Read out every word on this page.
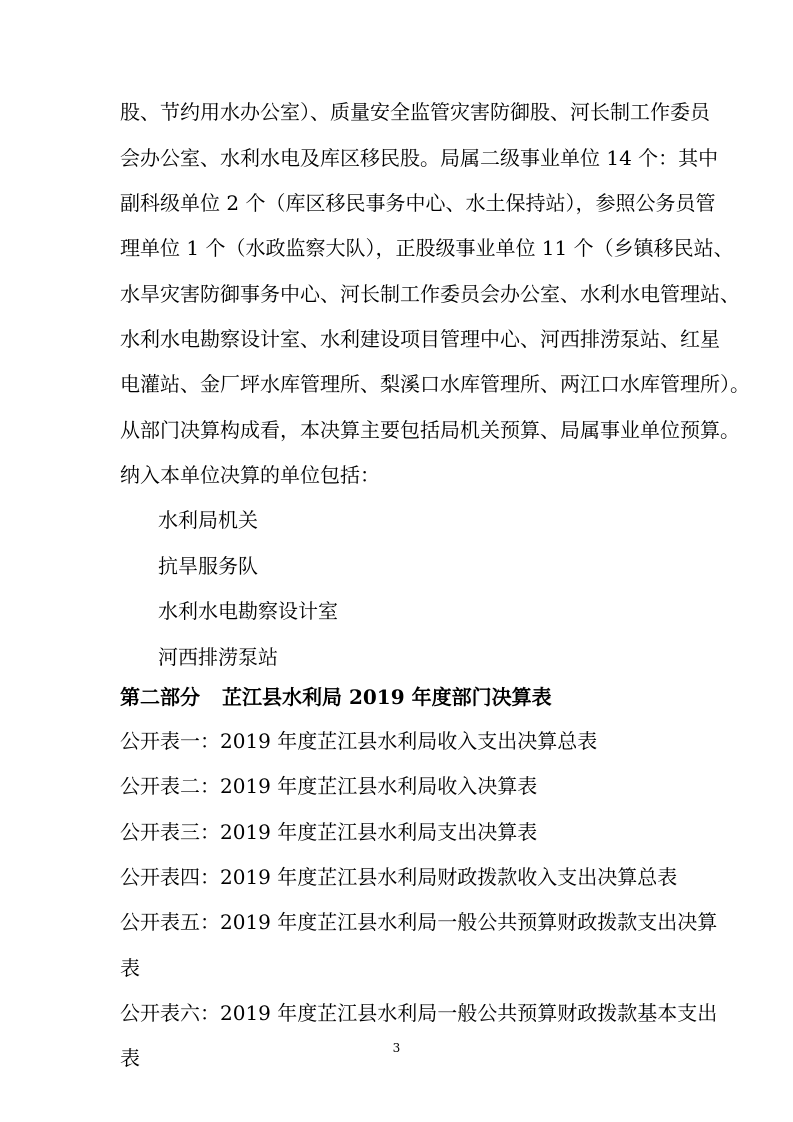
股、节约用水办公室）、质量安全监管灾害防御股、河长制工作委员
会办公室、水利水电及库区移民股。局属二级事业单位 14 个：其中
副科级单位 2 个（库区移民事务中心、水土保持站），参照公务员管
理单位 1 个（水政监察大队），正股级事业单位 11 个（乡镇移民站、
水旱灾害防御事务中心、河长制工作委员会办公室、水利水电管理站、
水利水电勘察设计室、水利建设项目管理中心、河西排涝泵站、红星
电灌站、金厂坪水库管理所、梨溪口水库管理所、两江口水库管理所）。
从部门决算构成看，本决算主要包括局机关预算、局属事业单位预算。
纳入本单位决算的单位包括：
水利局机关
抗旱服务队
水利水电勘察设计室
河西排涝泵站
第二部分 芷江县水利局 2019 年度部门决算表
公开表一：2019 年度芷江县水利局收入支出决算总表
公开表二：2019 年度芷江县水利局收入决算表
公开表三：2019 年度芷江县水利局支出决算表
公开表四：2019 年度芷江县水利局财政拨款收入支出决算总表
公开表五：2019 年度芷江县水利局一般公共预算财政拨款支出决算
表
公开表六：2019 年度芷江县水利局一般公共预算财政拨款基本支出
表	3
